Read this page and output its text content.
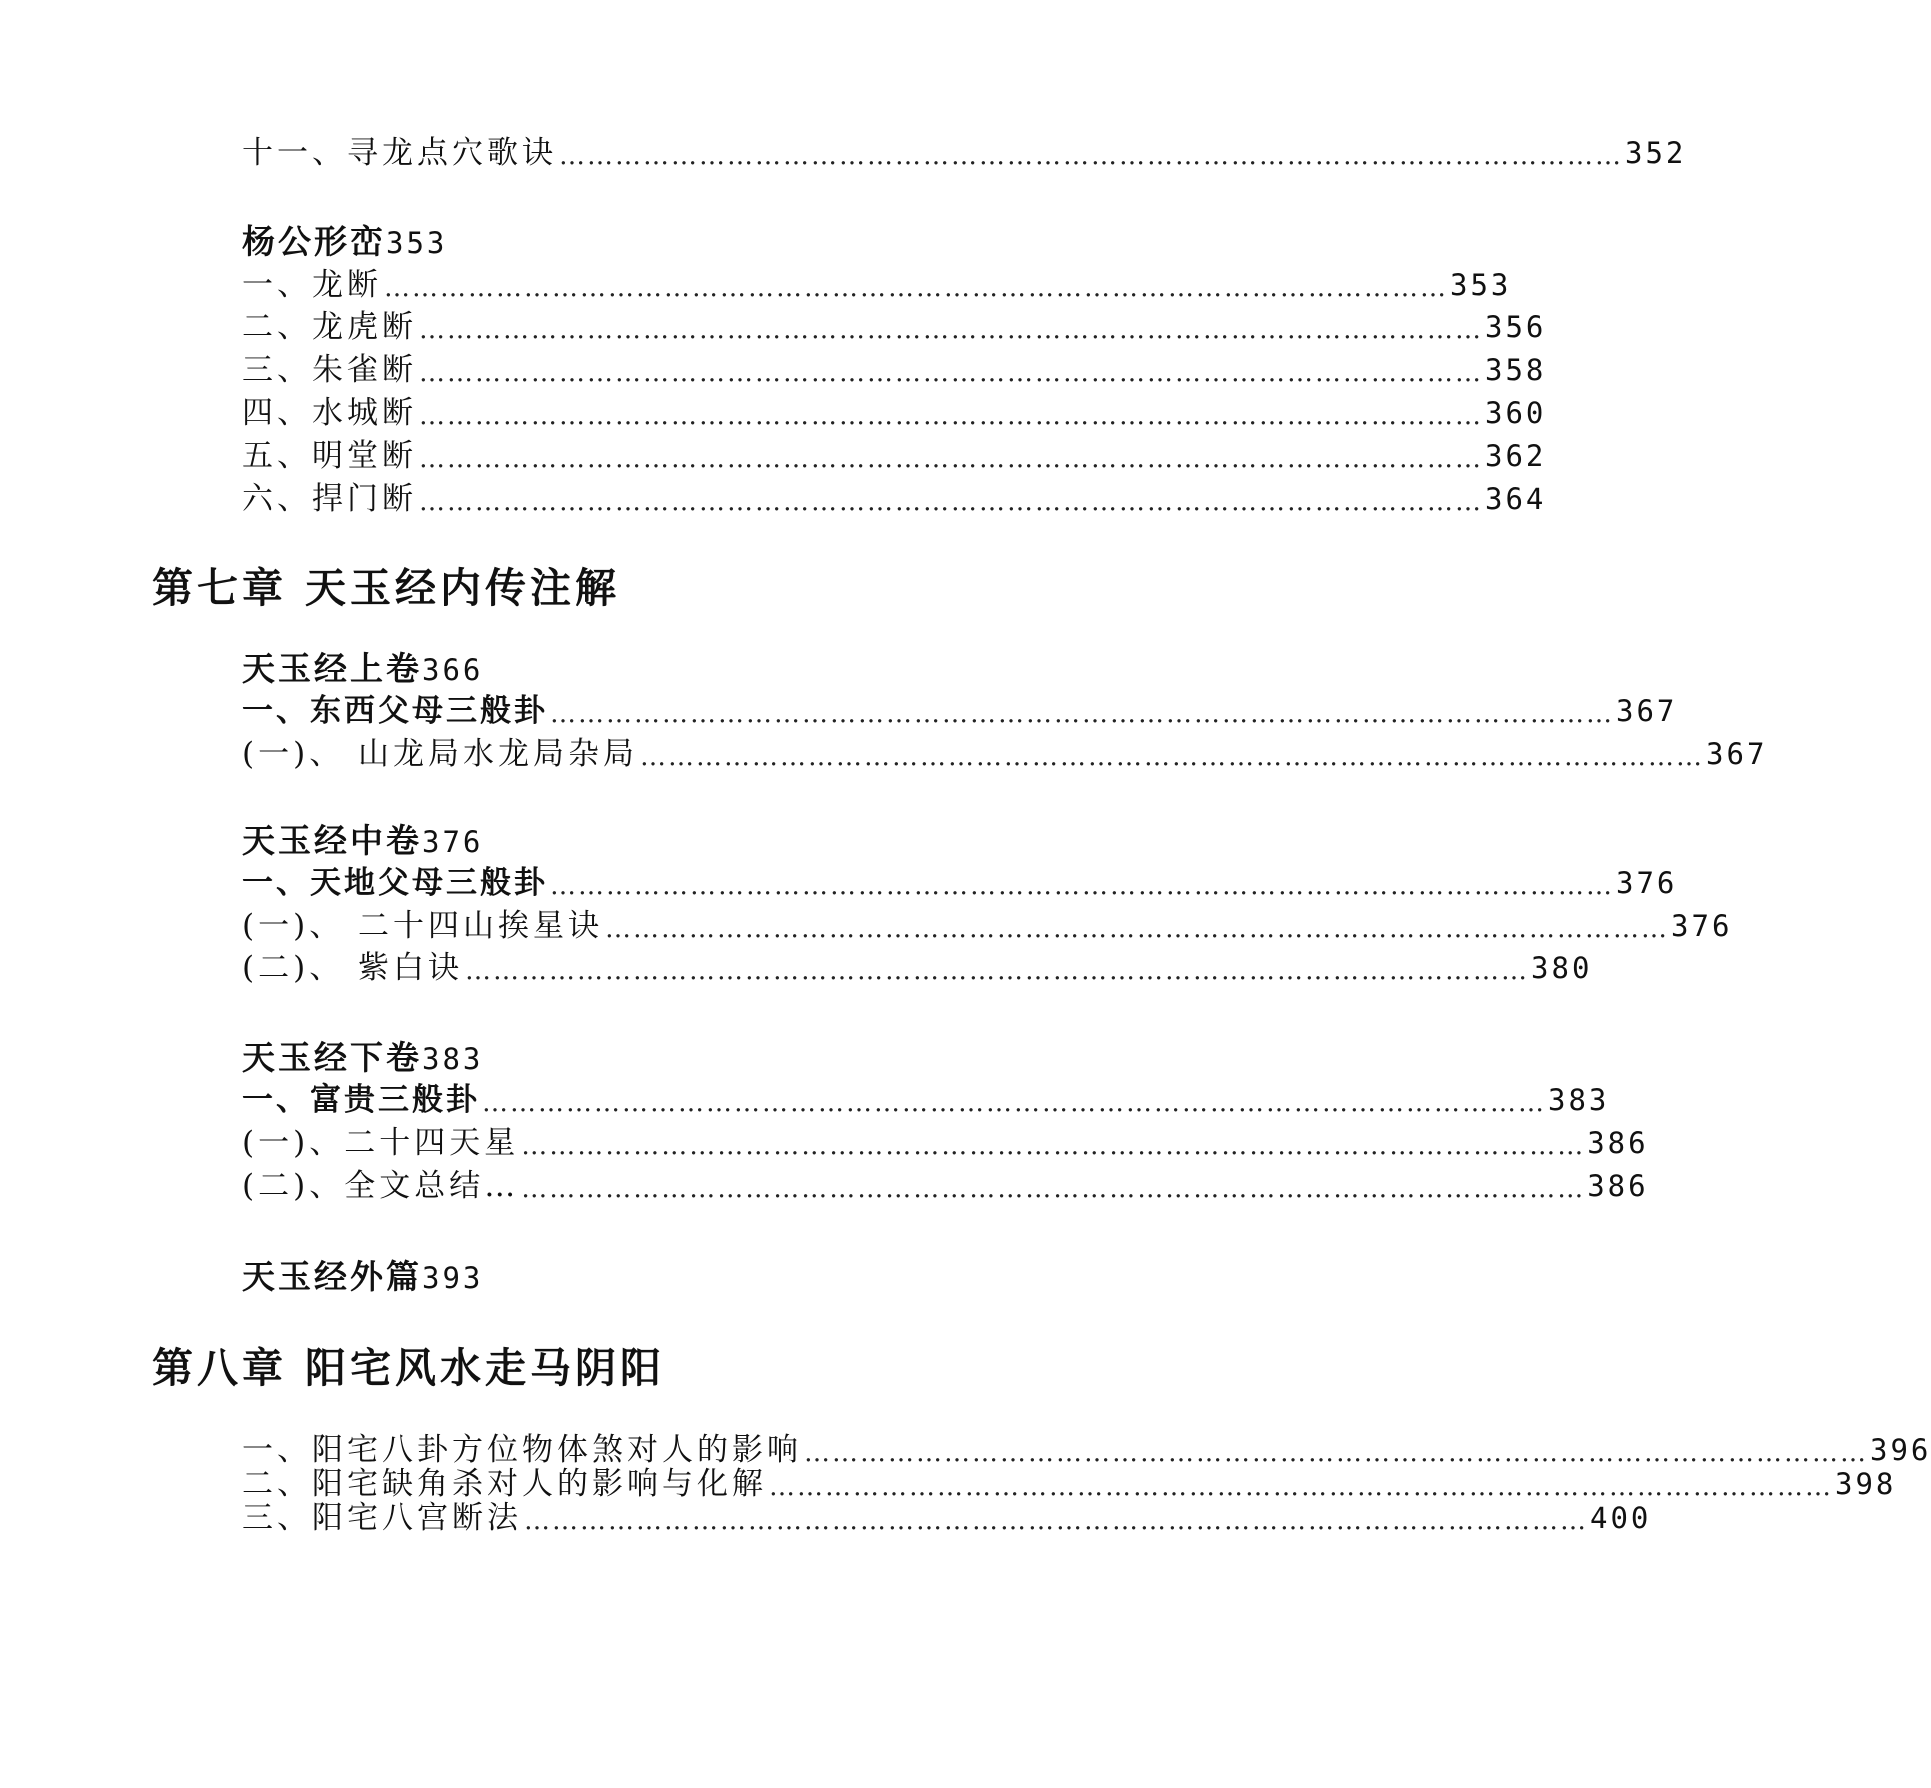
十一、寻龙点穴歌诀 …………………………………………………………………………………………………… 352
杨公形峦353
一、龙断 …………………………………………………………………………………………………… 353
二、龙虎断 …………………………………………………………………………………………………… 356
三、朱雀断 …………………………………………………………………………………………………… 358
四、水城断 …………………………………………………………………………………………………… 360
五、明堂断 …………………………………………………………………………………………………… 362
六、捍门断 …………………………………………………………………………………………………… 364
第七章 天玉经内传注解
天玉经上卷366
一、东西父母三般卦 …………………………………………………………………………………………………… 367
(一)、 山龙局水龙局杂局 …………………………………………………………………………………………………… 367
天玉经中卷376
一、天地父母三般卦 …………………………………………………………………………………………………… 376
(一)、 二十四山挨星诀 …………………………………………………………………………………………………… 376
(二)、 紫白诀 …………………………………………………………………………………………………… 380
天玉经下卷383
一、富贵三般卦 …………………………………………………………………………………………………… 383
(一)、二十四天星 …………………………………………………………………………………………………… 386
(二)、全文总结… …………………………………………………………………………………………………… 386
天玉经外篇393
第八章 阳宅风水走马阴阳
一、阳宅八卦方位物体煞对人的影响 …………………………………………………………………………………………………… 396
二、阳宅缺角杀对人的影响与化解 …………………………………………………………………………………………………… 398
三、阳宅八宫断法 …………………………………………………………………………………………………… 400
